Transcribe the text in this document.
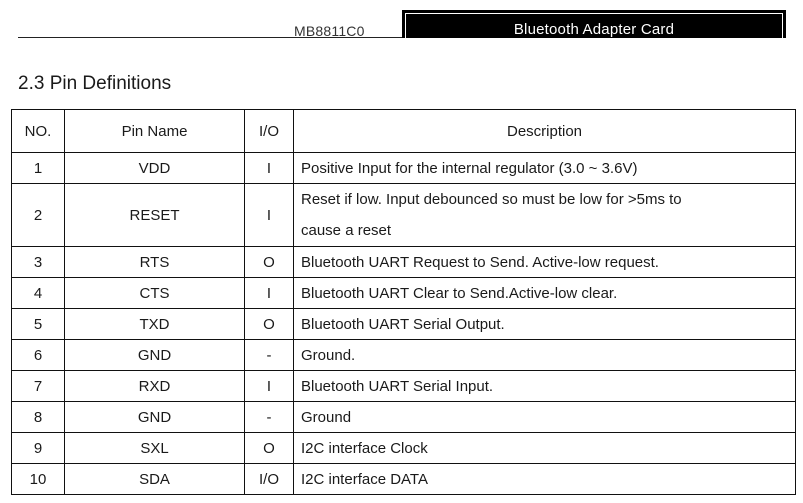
MB8811C0	Bluetooth Adapter Card
2.3 Pin Definitions
NO.	Pin Name	I/O	Description
1	VDD	I	Positive Input for the internal regulator (3.0 ~ 3.6V)
2	RESET	I	Reset if low. Input debounced so must be low for >5ms to
cause a reset

3	RTS	O	Bluetooth UART Request to Send. Active-low request.
4	CTS	I	Bluetooth UART Clear to Send.Active-low clear.
5	TXD	O	Bluetooth UART Serial Output.
6	GND	-	Ground.
7	RXD	I	Bluetooth UART Serial Input.
8	GND	-	Ground
9	SXL	O	I2C interface Clock
10	SDA	I/O	I2C interface DATA
